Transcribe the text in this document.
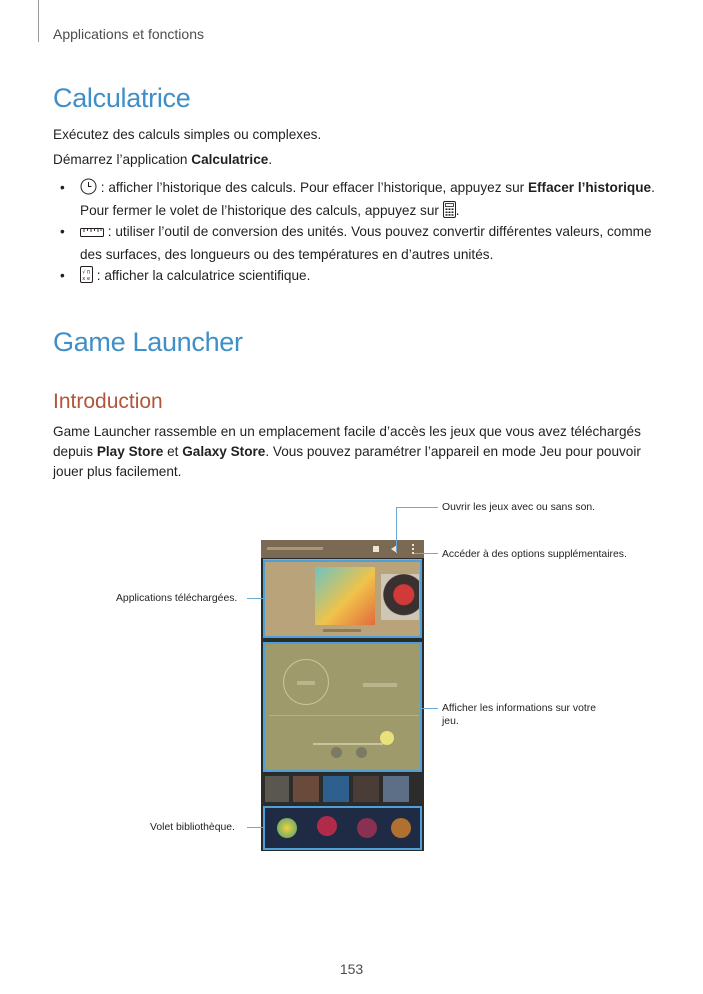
Applications et fonctions
Calculatrice
Exécutez des calculs simples ou complexes.
Démarrez l’application Calculatrice.
• : afficher l’historique des calculs. Pour effacer l’historique, appuyez sur Effacer l’historique.
Pour fermer le volet de l’historique des calculs, appuyez sur .
•	: utiliser l’outil de conversion des unités. Vous pouvez convertir différentes valeurs, comme
des surfaces, des longueurs ou des températures en d’autres unités.
•	√ π
x e : afficher la calculatrice scientifique.
Game Launcher
Introduction
Game Launcher rassemble en un emplacement facile d’accès les jeux que vous avez téléchargés
depuis Play Store et Galaxy Store. Vous pouvez paramétrer l’appareil en mode Jeu pour pouvoir
jouer plus facilement.
Ouvrir les jeux avec ou sans son.
Accéder à des options supplémentaires.
Applications téléchargées.
Afficher les informations sur votre
jeu.
Volet bibliothèque.
153
